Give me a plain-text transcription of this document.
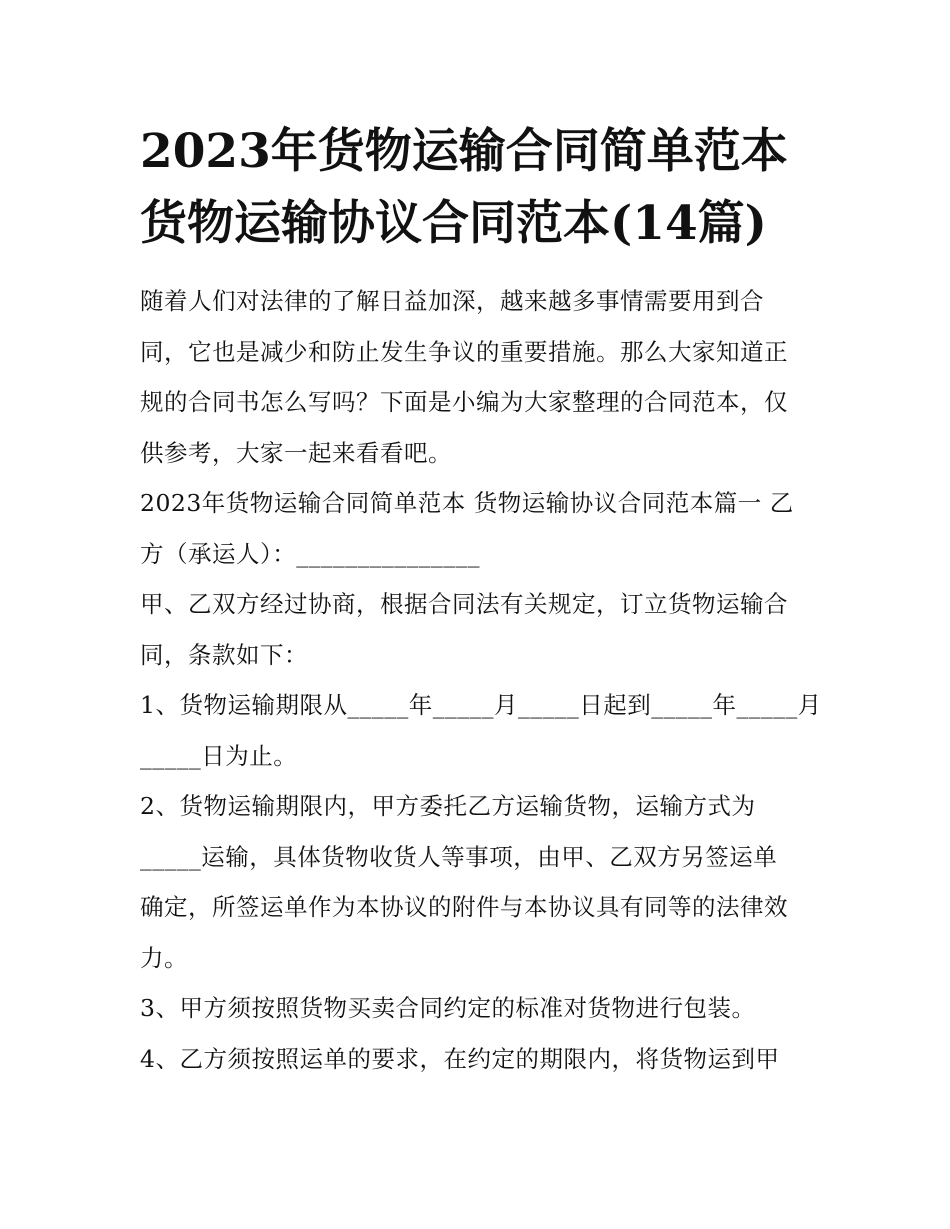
2023年货物运输合同简单范本
货物运输协议合同范本(14篇)

随着人们对法律的了解日益加深，越来越多事情需要用到合
同，它也是减少和防止发生争议的重要措施。那么大家知道正
规的合同书怎么写吗？下面是小编为大家整理的合同范本，仅
供参考，大家一起来看看吧。

2023年货物运输合同简单范本 货物运输协议合同范本篇一 乙
方（承运人）：_______________

甲、乙双方经过协商，根据合同法有关规定，订立货物运输合
同，条款如下：

1、货物运输期限从_____年_____月_____日起到_____年_____月
_____日为止。

2、货物运输期限内，甲方委托乙方运输货物，运输方式为
_____运输，具体货物收货人等事项，由甲、乙双方另签运单
确定，所签运单作为本协议的附件与本协议具有同等的法律效
力。

3、甲方须按照货物买卖合同约定的标准对货物进行包装。

4、乙方须按照运单的要求，在约定的期限内，将货物运到甲
